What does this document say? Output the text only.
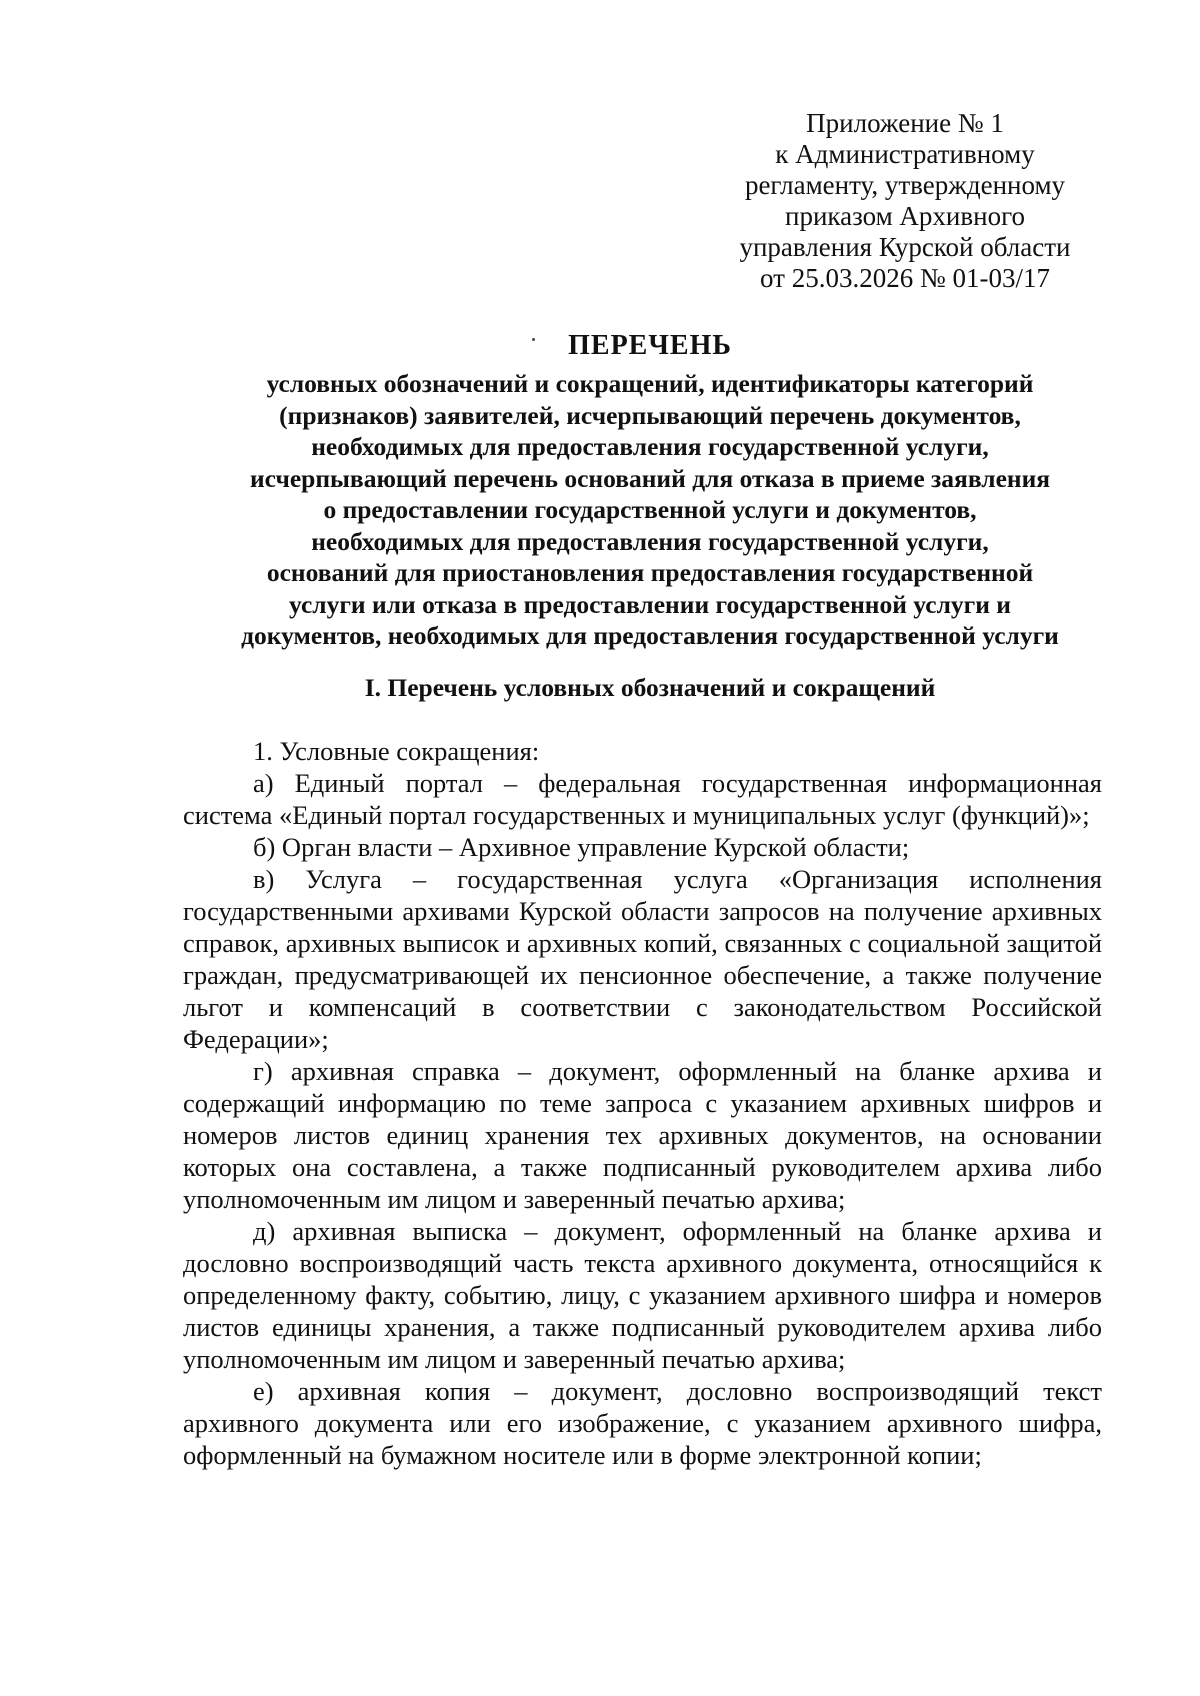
Приложение № 1
к Административному
регламенту, утвержденному
приказом Архивного
управления Курской области
от 25.03.2026 № 01-03/17
ПЕРЕЧЕНЬ
условных обозначений и сокращений, идентификаторы категорий
(признаков) заявителей, исчерпывающий перечень документов,
необходимых для предоставления государственной услуги,
исчерпывающий перечень оснований для отказа в приеме заявления
о предоставлении государственной услуги и документов,
необходимых для предоставления государственной услуги,
оснований для приостановления предоставления государственной
услуги или отказа в предоставлении государственной услуги и
документов, необходимых для предоставления государственной услуги
I. Перечень условных обозначений и сокращений

1. Условные сокращения:

а) Единый портал – федеральная государственная информационная система «Единый портал государственных и муниципальных услуг (функций)»;

б) Орган власти – Архивное управление Курской области;

в) Услуга – государственная услуга «Организация исполнения государственными архивами Курской области запросов на получение архивных справок, архивных выписок и архивных копий, связанных с социальной защитой граждан, предусматривающей их пенсионное обеспечение, а также получение льгот и компенсаций в соответствии с законодательством Российской Федерации»;

г) архивная справка – документ, оформленный на бланке архива и содержащий информацию по теме запроса с указанием архивных шифров и номеров листов единиц хранения тех архивных документов, на основании которых она составлена, а также подписанный руководителем архива либо уполномоченным им лицом и заверенный печатью архива;

д) архивная выписка – документ, оформленный на бланке архива и дословно воспроизводящий часть текста архивного документа, относящийся к определенному факту, событию, лицу, с указанием архивного шифра и номеров листов единицы хранения, а также подписанный руководителем архива либо уполномоченным им лицом и заверенный печатью архива;

е) архивная копия – документ, дословно воспроизводящий текст архивного документа или его изображение, с указанием архивного шифра, оформленный на бумажном носителе или в форме электронной копии;
